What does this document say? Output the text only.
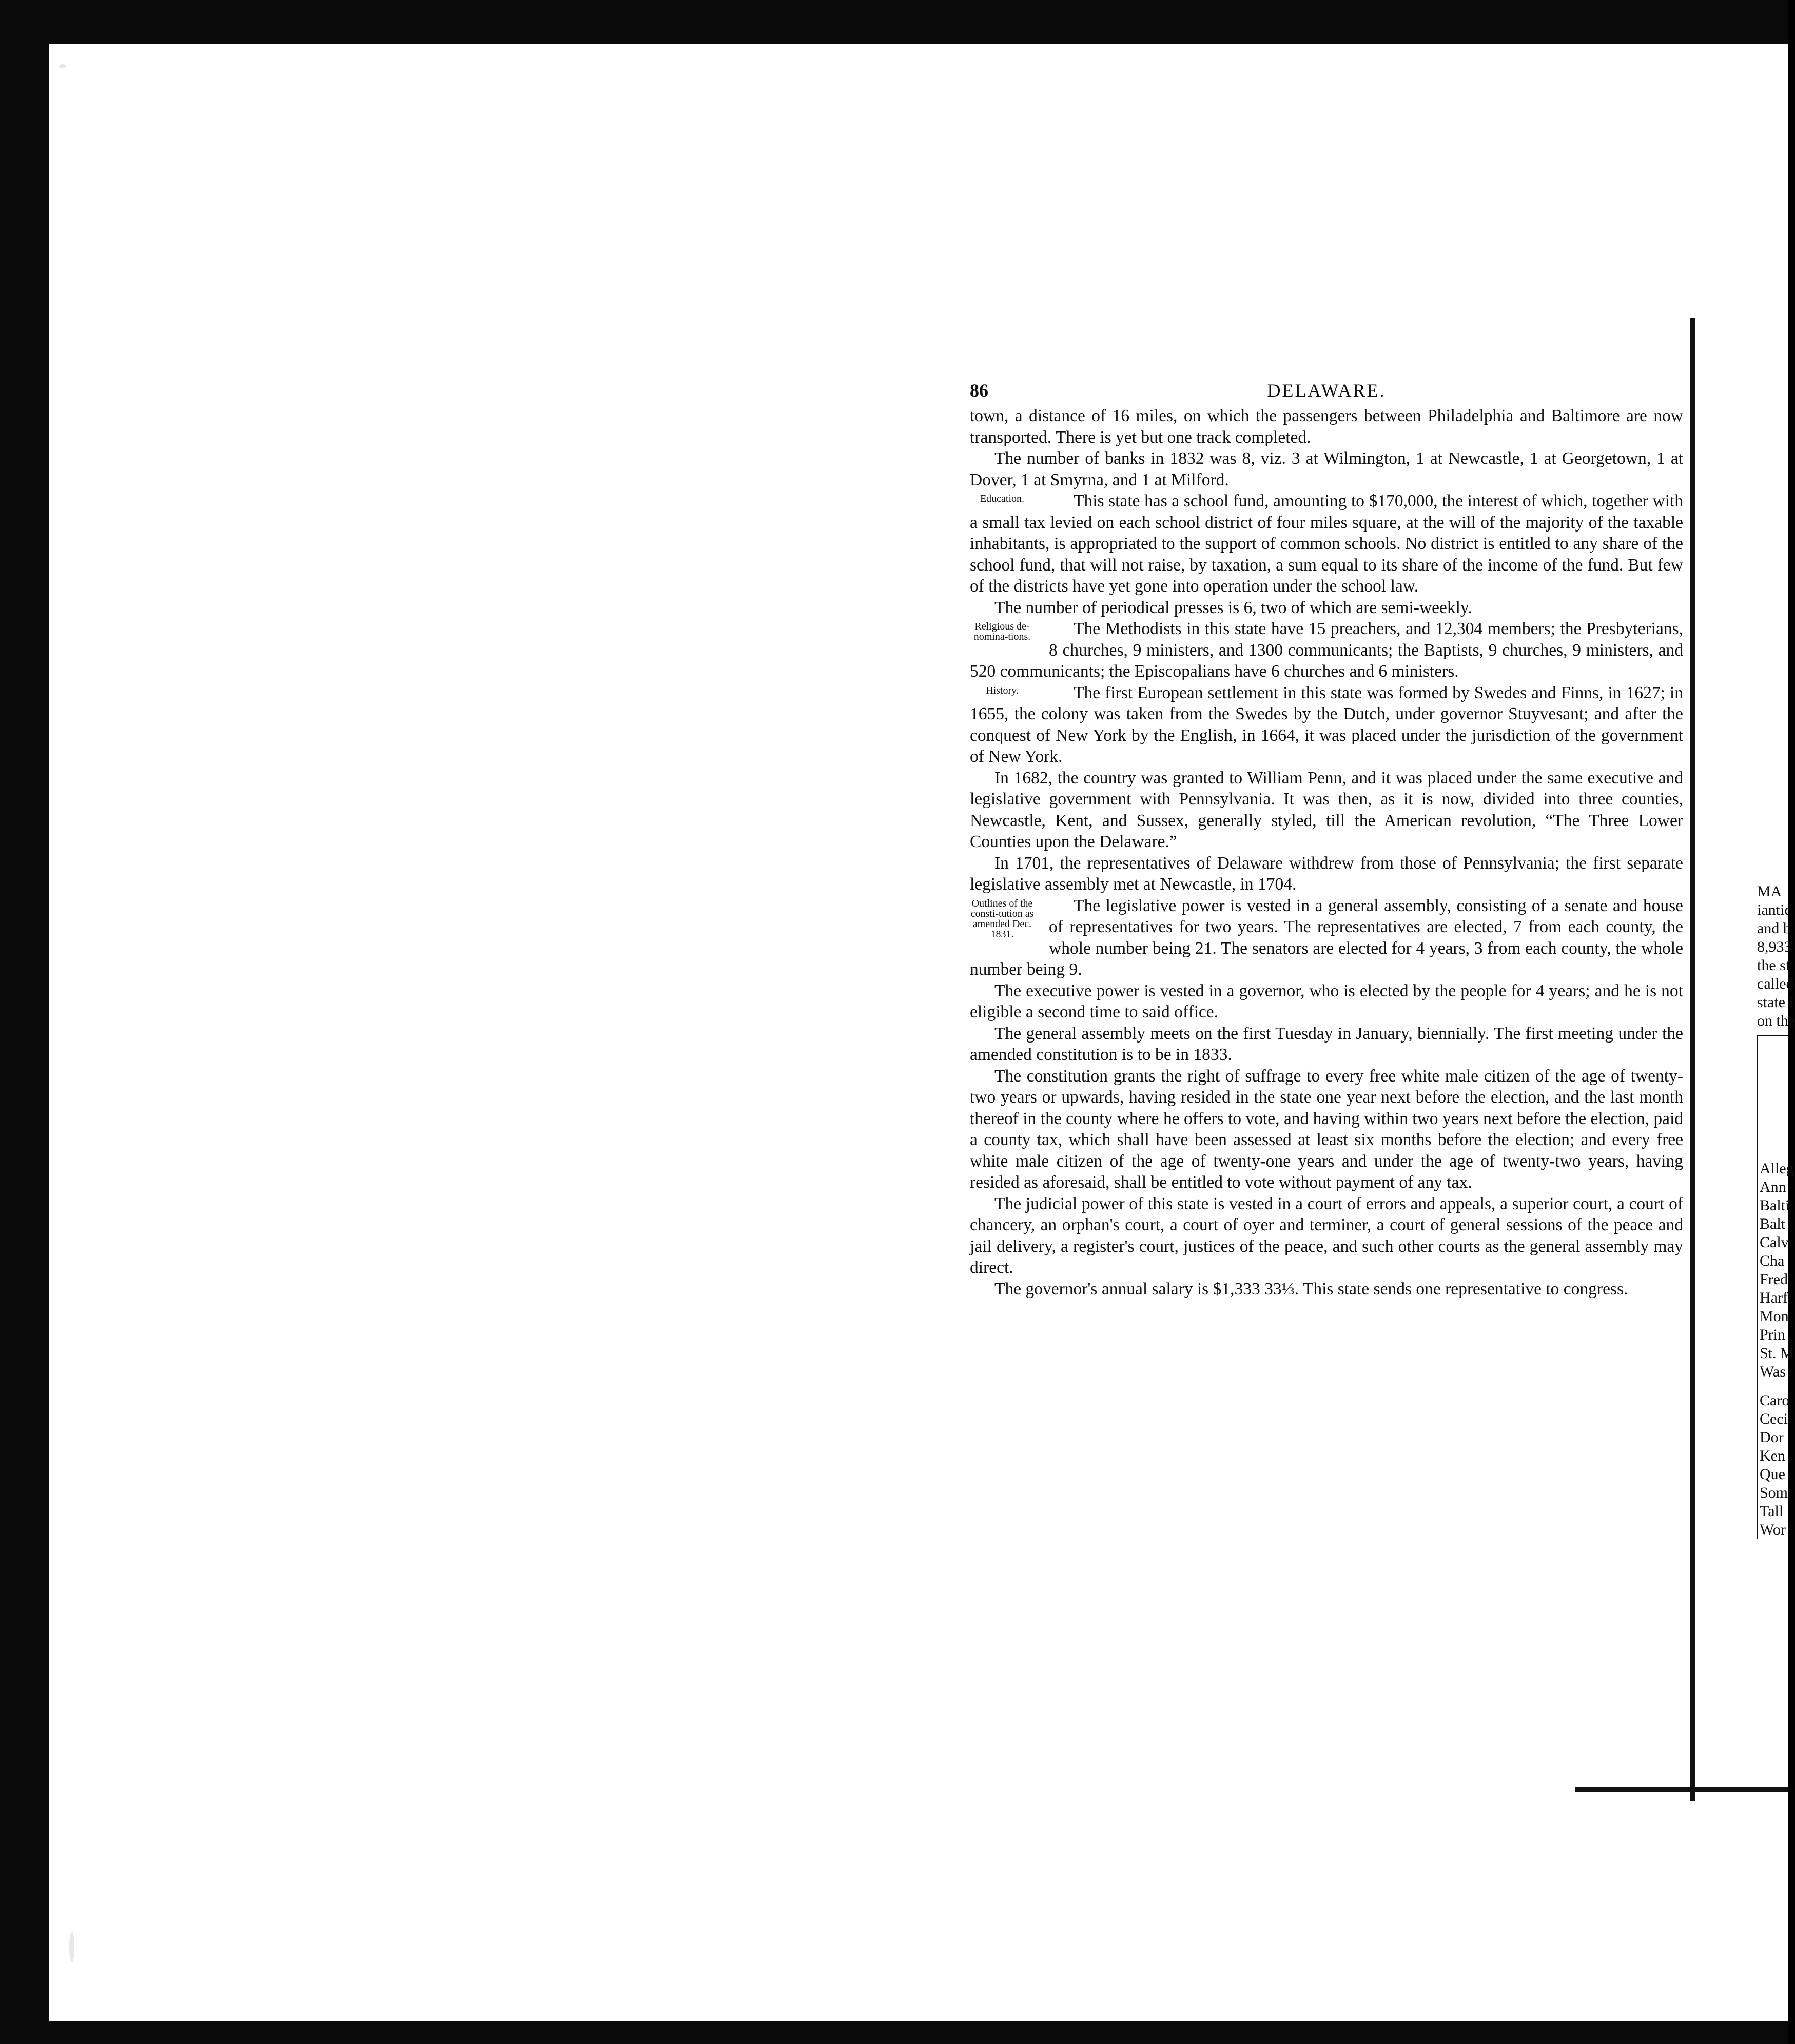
86	DELAWARE.

town, a distance of 16 miles, on which the passengers between Philadelphia and Baltimore are now transported. There is yet but one track completed.

The number of banks in 1832 was 8, viz. 3 at Wilmington, 1 at Newcastle, 1 at Georgetown, 1 at Dover, 1 at Smyrna, and 1 at Milford.

Education.	This state has a school fund, amounting to $170,000, the interest of which, together with a small tax levied on each school district of four miles square, at the will of the majority of the taxable inhabitants, is appropriated to the support of common schools. No district is entitled to any share of the school fund, that will not raise, by taxation, a sum equal to its share of the income of the fund. But few of the districts have yet gone into operation under the school law.

The number of periodical presses is 6, two of which are semi-weekly.

Religious de-nomina-tions.	The Methodists in this state have 15 preachers, and 12,304 members; the Presbyterians, 8 churches, 9 ministers, and 1300 communicants; the Baptists, 9 churches, 9 ministers, and 520 communicants; the Episcopalians have 6 churches and 6 ministers.

History.	The first European settlement in this state was formed by Swedes and Finns, in 1627; in 1655, the colony was taken from the Swedes by the Dutch, under governor Stuyvesant; and after the conquest of New York by the English, in 1664, it was placed under the jurisdiction of the government of New York.

In 1682, the country was granted to William Penn, and it was placed under the same executive and legislative government with Pennsylvania. It was then, as it is now, divided into three counties, Newcastle, Kent, and Sussex, generally styled, till the American revolution, “The Three Lower Counties upon the Delaware.”

In 1701, the representatives of Delaware withdrew from those of Pennsylvania; the first separate legislative assembly met at Newcastle, in 1704.

Outlines of the consti-tution as amended Dec. 1831.

The legislative power is vested in a general assembly, consisting of a senate and house of representatives for two years. The representatives are elected, 7 from each county, the whole number being 21. The senators are elected for 4 years, 3 from each county, the whole number being 9.

The executive power is vested in a governor, who is elected by the people for 4 years; and he is not eligible a second time to said office.

The general assembly meets on the first Tuesday in January, biennially. The first meeting under the amended constitution is to be in 1833.

The constitution grants the right of suffrage to every free white male citizen of the age of twenty-two years or upwards, having resided in the state one year next before the election, and the last month thereof in the county where he offers to vote, and having within two years next before the election, paid a county tax, which shall have been assessed at least six months before the election; and every free white male citizen of the age of twenty-one years and under the age of twenty-two years, having resided as aforesaid, shall be entitled to vote without payment of any tax.

The judicial power of this state is vested in a court of errors and appeals, a superior court, a court of chancery, an orphan's court, a court of oyer and terminer, a court of general sessions of the peace and jail delivery, a register's court, justices of the peace, and such other courts as the general assembly may direct.

The governor's annual salary is $1,333 33⅓. This state sends one representative to congress.

MA
iantic
and b
8,933
the st
called
state i
on the
Alleg
Ann
Balti
Balt
Calv
Cha
Fred
Harf
Mon
Prin
St. M
Was
Caro
Ceci
Dor
Ken
Que
Som
Tall
Wor
